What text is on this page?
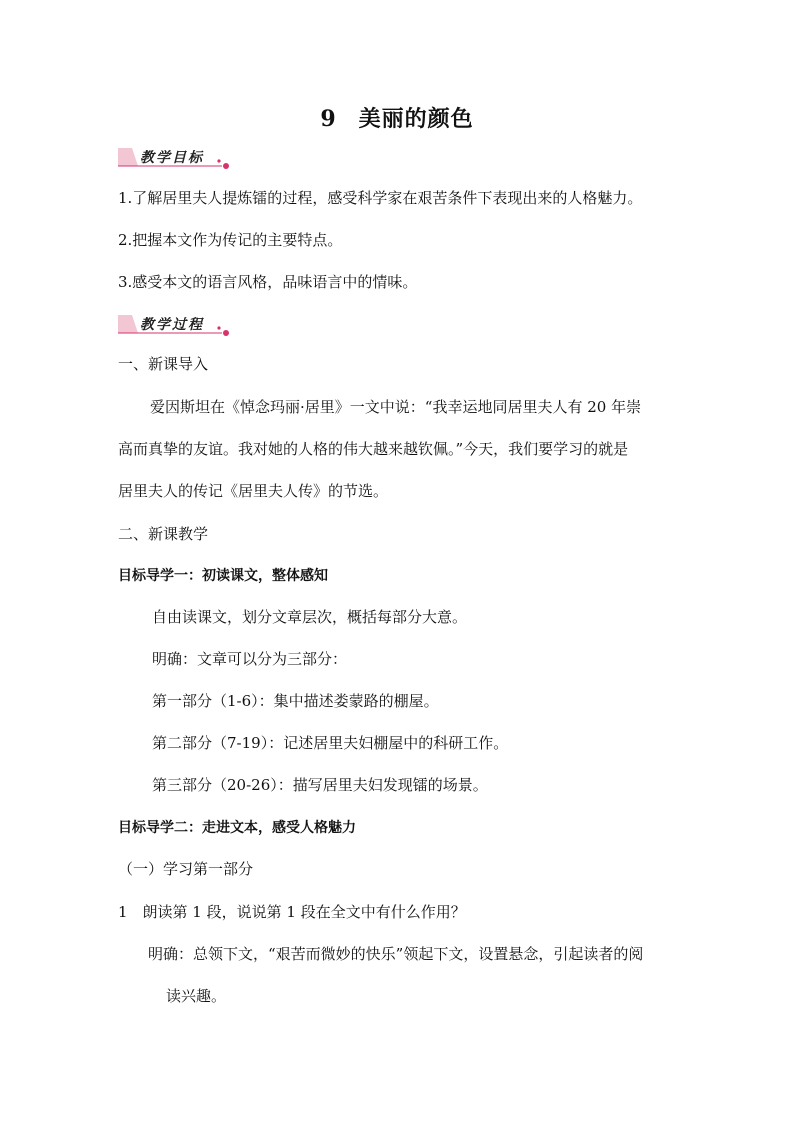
9 美丽的颜色
教学目标
1.了解居里夫人提炼镭的过程，感受科学家在艰苦条件下表现出来的人格魅力。
2.把握本文作为传记的主要特点。
3.感受本文的语言风格，品味语言中的情味。
教学过程
一、新课导入
爱因斯坦在《悼念玛丽·居里》一文中说：“我幸运地同居里夫人有 20 年崇
高而真挚的友谊。我对她的人格的伟大越来越钦佩。”今天，我们要学习的就是
居里夫人的传记《居里夫人传》的节选。
二、新课教学
目标导学一：初读课文，整体感知
自由读课文，划分文章层次，概括每部分大意。
明确：文章可以分为三部分：
第一部分（1-6）：集中描述娄蒙路的棚屋。
第二部分（7-19）：记述居里夫妇棚屋中的科研工作。
第三部分（20-26）：描写居里夫妇发现镭的场景。
目标导学二：走进文本，感受人格魅力
（一）学习第一部分
1　朗读第 1 段，说说第 1 段在全文中有什么作用？
明确：总领下文，“艰苦而微妙的快乐”领起下文，设置悬念，引起读者的阅
读兴趣。
